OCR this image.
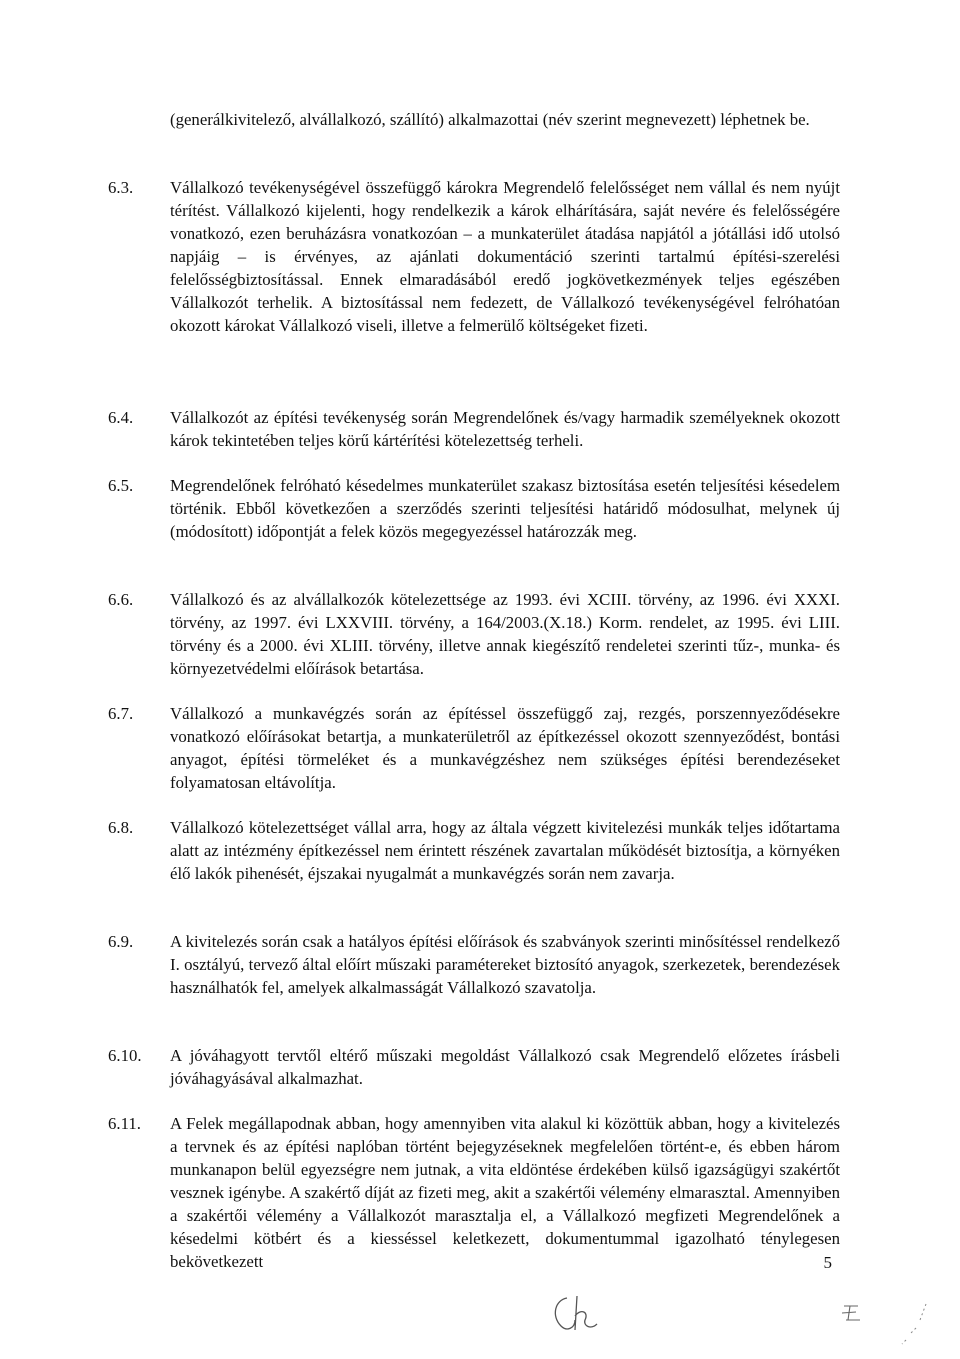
(generálkivitelező, alvállalkozó, szállító) alkalmazottai (név szerint megnevezett) léphetnek be.
6.3.	Vállalkozó tevékenységével összefüggő károkra Megrendelő felelősséget nem vállal és nem nyújt térítést. Vállalkozó kijelenti, hogy rendelkezik a károk elhárítására, saját nevére és felelősségére vonatkozó, ezen beruházásra vonatkozóan – a munkaterület átadása napjától a jótállási idő utolsó napjáig – is érvényes, az ajánlati dokumentáció szerinti tartalmú építési-szerelési felelősségbiztosítással. Ennek elmaradásából eredő jogkövetkezmények teljes egészében Vállalkozót terhelik. A biztosítással nem fedezett, de Vállalkozó tevékenységével felróhatóan okozott károkat Vállalkozó viseli, illetve a felmerülő költségeket fizeti.
6.4.	Vállalkozót az építési tevékenység során Megrendelőnek és/vagy harmadik személyeknek okozott károk tekintetében teljes körű kártérítési kötelezettség terheli.
6.5.	Megrendelőnek felróható késedelmes munkaterület szakasz biztosítása esetén teljesítési késedelem történik. Ebből következően a szerződés szerinti teljesítési határidő módosulhat, melynek új (módosított) időpontját a felek közös megegyezéssel határozzák meg.
6.6.	Vállalkozó és az alvállalkozók kötelezettsége az 1993. évi XCIII. törvény, az 1996. évi XXXI. törvény, az 1997. évi LXXVIII. törvény, a 164/2003.(X.18.) Korm. rendelet, az 1995. évi LIII. törvény és a 2000. évi XLIII. törvény, illetve annak kiegészítő rendeletei szerinti tűz-, munka- és környezetvédelmi előírások betartása.
6.7.	Vállalkozó a munkavégzés során az építéssel összefüggő zaj, rezgés, porszennyeződésekre vonatkozó előírásokat betartja, a munkaterületről az építkezéssel okozott szennyeződést, bontási anyagot, építési törmeléket és a munkavégzéshez nem szükséges építési berendezéseket folyamatosan eltávolítja.
6.8.	Vállalkozó kötelezettséget vállal arra, hogy az általa végzett kivitelezési munkák teljes időtartama alatt az intézmény építkezéssel nem érintett részének zavartalan működését biztosítja, a környéken élő lakók pihenését, éjszakai nyugalmát a munkavégzés során nem zavarja.
6.9.	A kivitelezés során csak a hatályos építési előírások és szabványok szerinti minősítéssel rendelkező I. osztályú, tervező által előírt műszaki paramétereket biztosító anyagok, szerkezetek, berendezések használhatók fel, amelyek alkalmasságát Vállalkozó szavatolja.
6.10.	A jóváhagyott tervtől eltérő műszaki megoldást Vállalkozó csak Megrendelő előzetes írásbeli jóváhagyásával alkalmazhat.
6.11.	A Felek megállapodnak abban, hogy amennyiben vita alakul ki közöttük abban, hogy a kivitelezés a tervnek és az építési naplóban történt bejegyzéseknek megfelelően történt-e, és ebben három munkanapon belül egyezségre nem jutnak, a vita eldöntése érdekében külső igazságügyi szakértőt vesznek igénybe. A szakértő díját az fizeti meg, akit a szakértői vélemény elmarasztal. Amennyiben a szakértői vélemény a Vállalkozót marasztalja el, a Vállalkozó megfizeti Megrendelőnek a késedelmi kötbért és a kiesséssel keletkezett, dokumentummal igazolható ténylegesen bekövetkezett	5
